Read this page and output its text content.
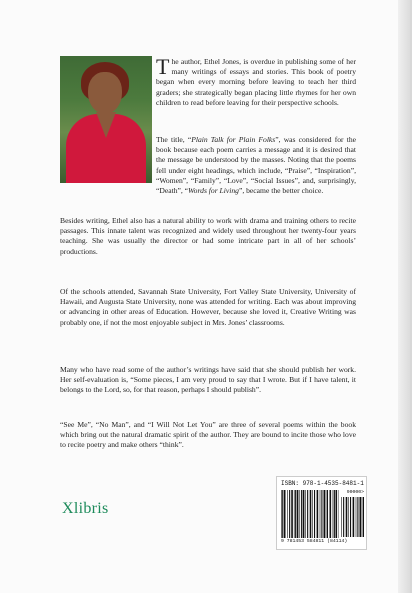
The author, Ethel Jones, is overdue in publishing some of her many writings of essays and stories. This book of poetry began when every morning before leaving to teach her third graders; she strategically began placing little rhymes for her own children to read before leaving for their perspective schools.
The title, “Plain Talk for Plain Folks”, was considered for the book because each poem carries a message and it is desired that the message be understood by the masses. Noting that the poems fell under eight headings, which include, “Praise”, “Inspiration”, “Women”, “Family”, “Love”, “Social Issues”, and, surprisingly, “Death”, “Words for Living”, became the better choice.
Besides writing, Ethel also has a natural ability to work with drama and training others to recite passages. This innate talent was recognized and widely used throughout her twenty-four years teaching. She was usually the director or had some intricate part in all of her schools’ productions.
Of the schools attended, Savannah State University, Fort Valley State University, University of Hawaii, and Augusta State University, none was attended for writing. Each was about improving or advancing in other areas of Education. However, because she loved it, Creative Writing was probably one, if not the most enjoyable subject in Mrs. Jones’ classrooms.
Many who have read some of the author’s writings have said that she should publish her work. Her self-evaluation is, “Some pieces, I am very proud to say that I wrote. But if I have talent, it belongs to the Lord, so, for that reason, perhaps I should publish”.
“See Me”, “No Man”, and “I Will Not Let You” are three of several poems within the book which bring out the natural dramatic spirit of the author. They are bound to incite those who love to recite poetry and make others “think”.
Xlibris
ISBN: 978-1-4535-8481-1
90000>
9 781453 584811 (84114)
